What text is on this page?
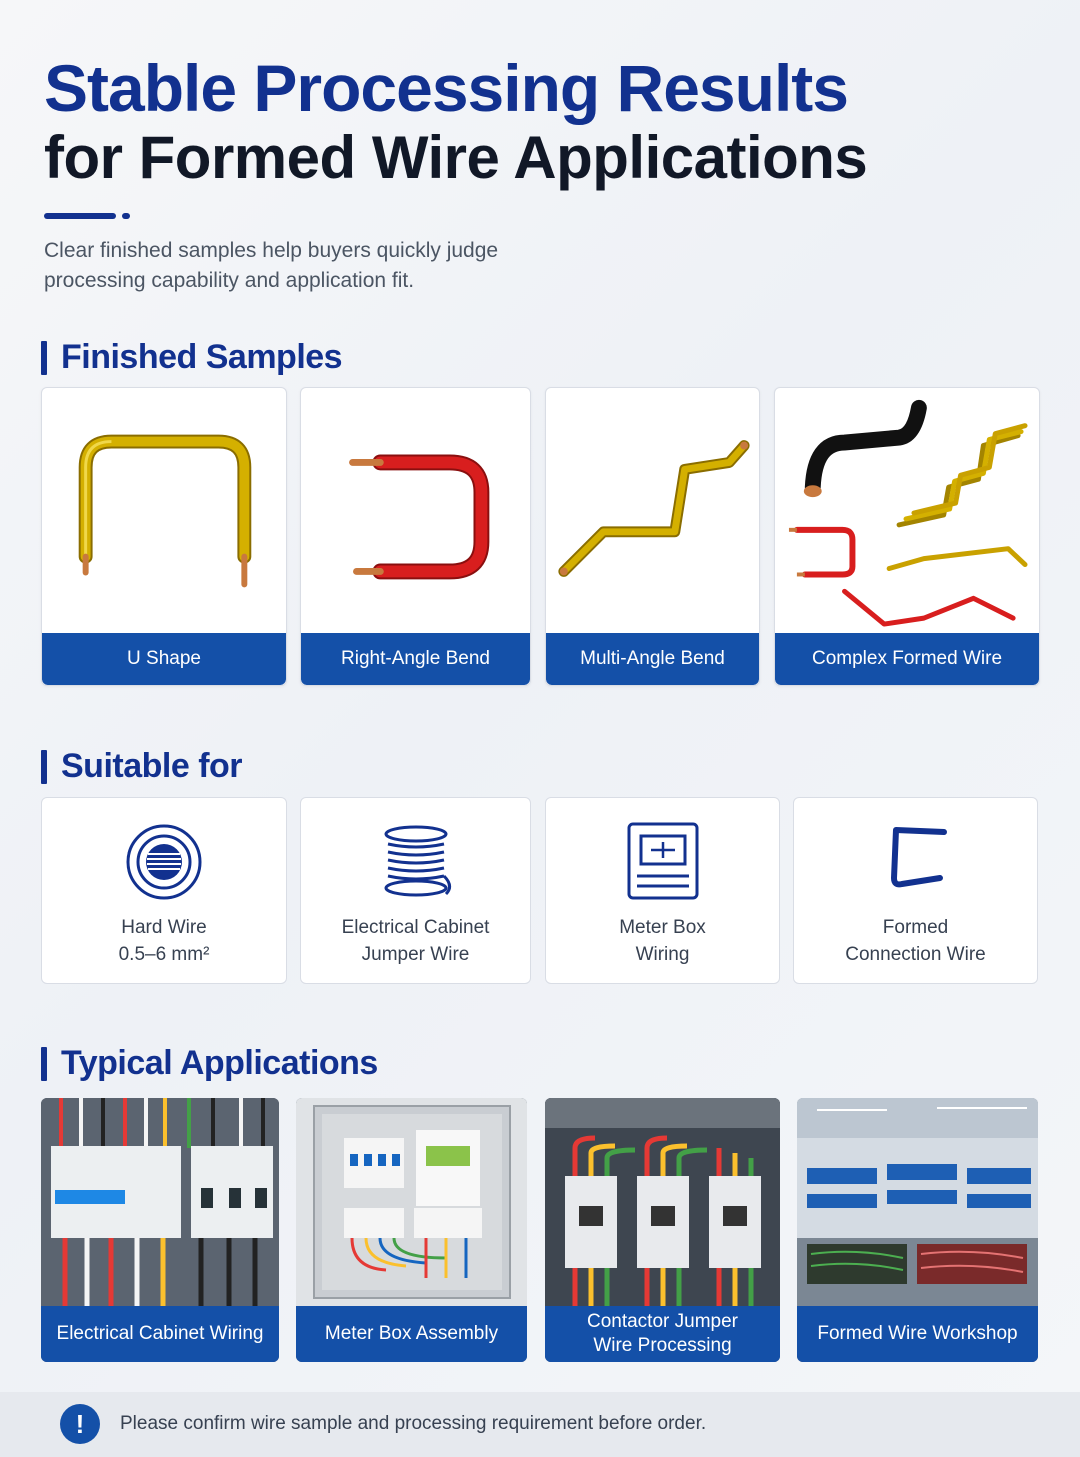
Stable Processing Results
for Formed Wire Applications
Clear finished samples help buyers quickly judge processing capability and application fit.
Finished Samples
U Shape	Right-Angle Bend	Multi-Angle Bend	Complex Formed Wire
Suitable for
Hard Wire
0.5–6 mm²
Electrical Cabinet
Jumper Wire
Meter Box
Wiring
Formed
Connection Wire
Typical Applications
Electrical Cabinet Wiring	Meter Box Assembly
Contactor Jumper
Wire Processing
Formed Wire Workshop
!	Please confirm wire sample and processing requirement before order.
